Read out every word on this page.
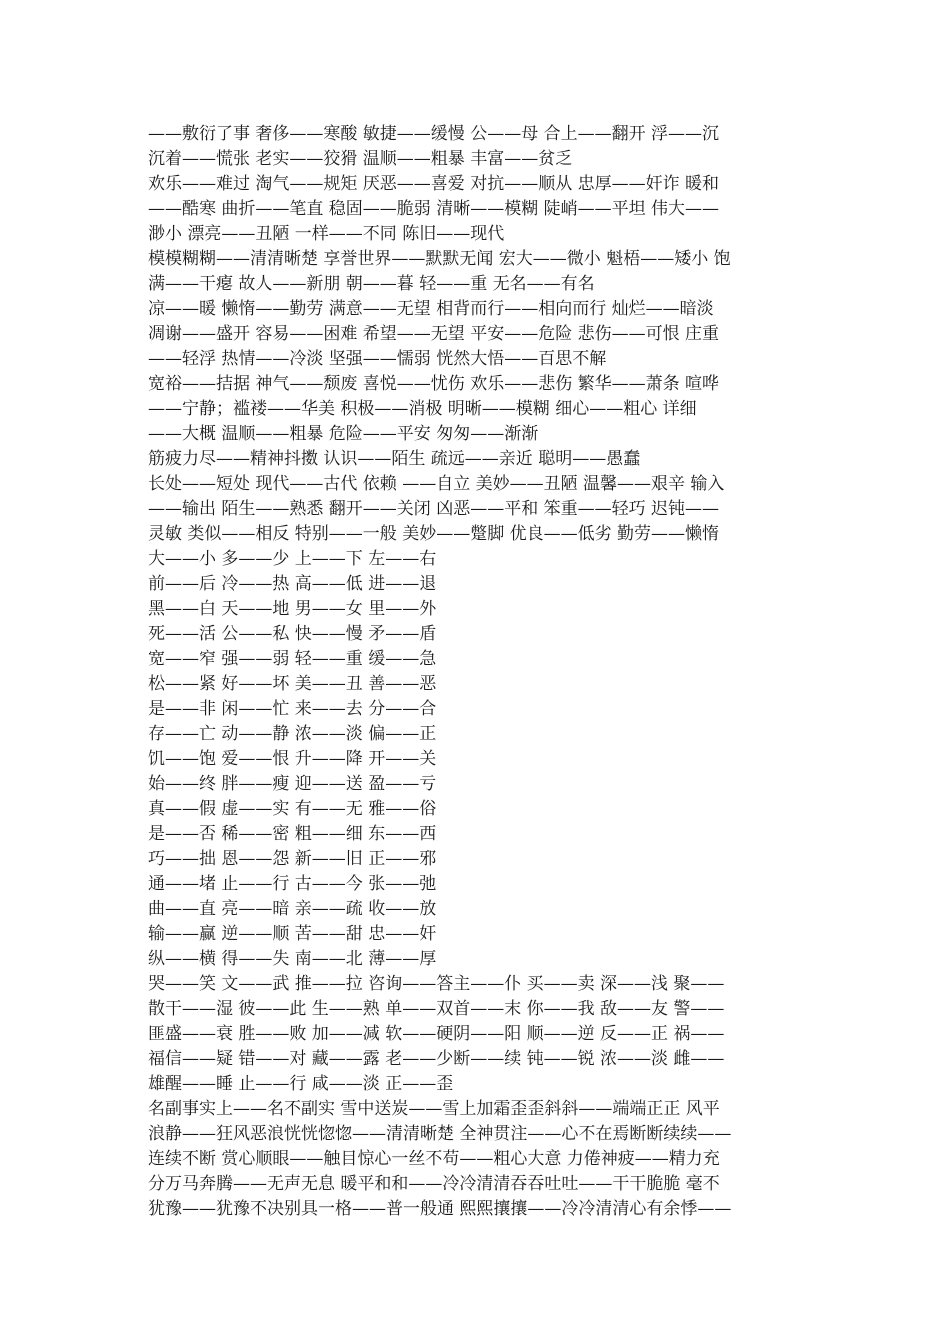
——敷衍了事 奢侈——寒酸 敏捷——缓慢 公——母 合上——翻开 浮——沉
沉着——慌张 老实——狡猾 温顺——粗暴 丰富——贫乏
欢乐——难过 淘气——规矩 厌恶——喜爱 对抗——顺从 忠厚——奸诈 暖和
——酷寒 曲折——笔直 稳固——脆弱 清晰——模糊 陡峭——平坦 伟大——
渺小 漂亮——丑陋 一样——不同 陈旧——现代
模模糊糊——清清晰楚 享誉世界——默默无闻 宏大——微小 魁梧——矮小 饱
满——干瘪 故人——新朋 朝——暮 轻——重 无名——有名
凉——暖 懒惰——勤劳 满意——无望 相背而行——相向而行 灿烂——暗淡
凋谢——盛开 容易——困难 希望——无望 平安——危险 悲伤——可恨 庄重
——轻浮 热情——冷淡 坚强——懦弱 恍然大悟——百思不解
宽裕——拮据 神气——颓废 喜悦——忧伤 欢乐——悲伤 繁华——萧条 喧哗
——宁静；褴褛——华美 积极——消极 明晰——模糊 细心——粗心 详细
——大概 温顺——粗暴 危险——平安 匆匆——渐渐
筋疲力尽——精神抖擞 认识——陌生 疏远——亲近 聪明——愚蠢
长处——短处 现代——古代 依赖 ——自立 美妙——丑陋 温馨——艰辛 输入
——输出 陌生——熟悉 翻开——关闭 凶恶——平和 笨重——轻巧 迟钝——
灵敏 类似——相反 特别——一般 美妙——蹩脚 优良——低劣 勤劳——懒惰
大——小 多——少 上——下 左——右
前——后 冷——热 高——低 进——退
黑——白 天——地 男——女 里——外
死——活 公——私 快——慢 矛——盾
宽——窄 强——弱 轻——重 缓——急
松——紧 好——坏 美——丑 善——恶
是——非 闲——忙 来——去 分——合
存——亡 动——静 浓——淡 偏——正
饥——饱 爱——恨 升——降 开——关
始——终 胖——瘦 迎——送 盈——亏
真——假 虚——实 有——无 雅——俗
是——否 稀——密 粗——细 东——西
巧——拙 恩——怨 新——旧 正——邪
通——堵 止——行 古——今 张——弛
曲——直 亮——暗 亲——疏 收——放
输——赢 逆——顺 苦——甜 忠——奸
纵——横 得——失 南——北 薄——厚
哭——笑 文——武 推——拉 咨询——答主——仆 买——卖 深——浅 聚——
散干——湿 彼——此 生——熟 单——双首——末 你——我 敌——友 警——
匪盛——衰 胜——败 加——减 软——硬阴——阳 顺——逆 反——正 祸——
福信——疑 错——对 藏——露 老——少断——续 钝——锐 浓——淡 雌——
雄醒——睡 止——行 咸——淡 正——歪
名副事实上——名不副实 雪中送炭——雪上加霜歪歪斜斜——端端正正 风平
浪静——狂风恶浪恍恍惚惚——清清晰楚 全神贯注——心不在焉断断续续——
连续不断 赏心顺眼——触目惊心一丝不苟——粗心大意 力倦神疲——精力充
分万马奔腾——无声无息 暖平和和——冷冷清清吞吞吐吐——干干脆脆 毫不
犹豫——犹豫不决别具一格——普一般通 熙熙攘攘——冷冷清清心有余悸——
